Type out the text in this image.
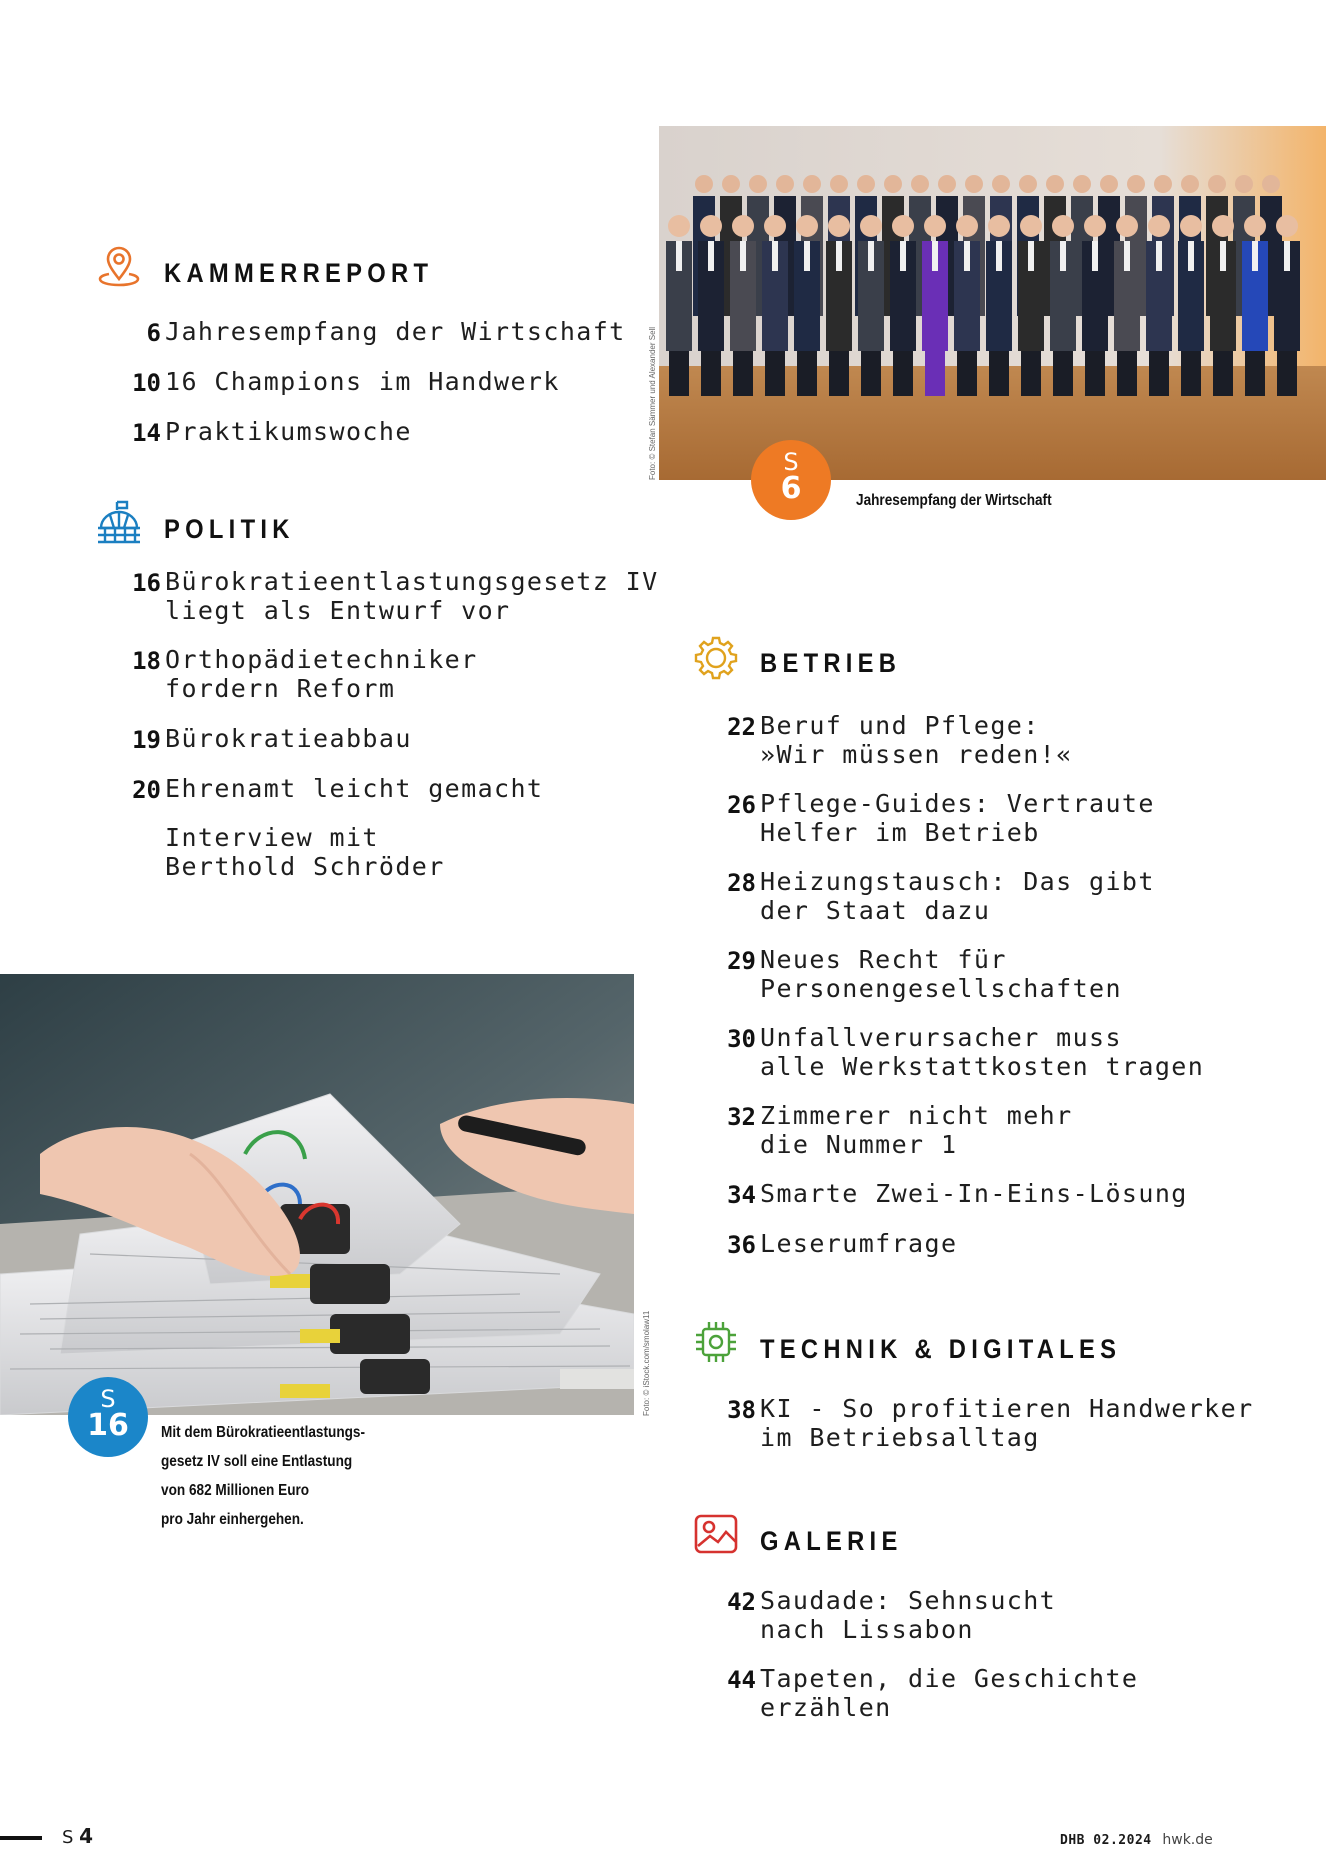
Foto: © Stefan Sämmer und Alexander Sell	S
6	Jahresempfang der Wirtschaft
KAMMERREPORT
6 Jahresempfang der Wirtschaft
10 16 Champions im Handwerk
14 Praktikumswoche
POLITIK
16 Bürokratieentlastungsgesetz IV
liegt als Entwurf vor
18 Orthopädietechniker
fordern Reform
19 Bürokratieabbau
20 Ehrenamt leicht gemacht
Interview mit
Berthold Schröder
Foto: © iStock.com/smolaw11
S
16	Mit dem Bürokratieentlastungs-
gesetz IV soll eine Entlastung
von 682 Millionen Euro
pro Jahr einhergehen.
BETRIEB
22 Beruf und Pflege:
»Wir müssen reden!«
26 Pflege-Guides: Vertraute
Helfer im Betrieb
28 Heizungstausch: Das gibt
der Staat dazu
29 Neues Recht für
Personengesellschaften
30 Unfallverursacher muss
alle Werkstattkosten tragen
32 Zimmerer nicht mehr
die Nummer 1
34 Smarte Zwei-In-Eins-Lösung
36 Leserumfrage
TECHNIK & DIGITALES
38 KI - So profitieren Handwerker
im Betriebsalltag
GALERIE
42 Saudade: Sehnsucht
nach Lissabon
44 Tapeten, die Geschichte
erzählen
S 4	DHB 02.2024 hwk.de
